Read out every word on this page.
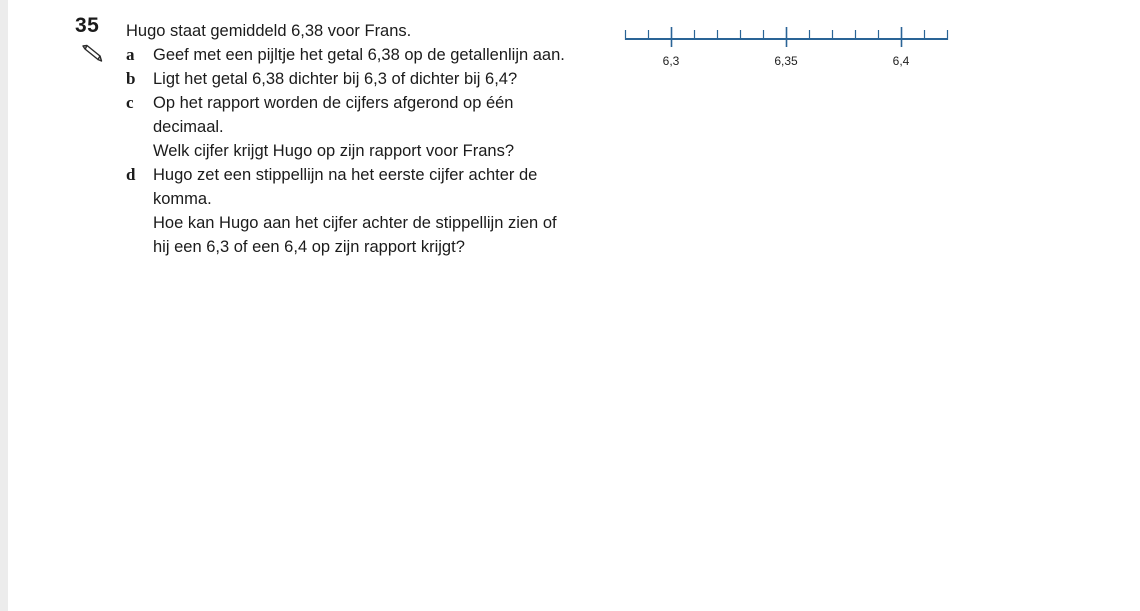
35 Hugo staat gemiddeld 6,38 voor Frans.

a Geef met een pijltje het getal 6,38 op de getallenlijn aan.

b Ligt het getal 6,38 dichter bij 6,3 of dichter bij 6,4?

c Op het rapport worden de cijfers afgerond op één

decimaal.

Welk cijfer krijgt Hugo op zijn rapport voor Frans?

d Hugo zet een stippellijn na het eerste cijfer achter de

komma.

Hoe kan Hugo aan het cijfer achter de stippellijn zien of

hij een 6,3 of een 6,4 op zijn rapport krijgt?

6,3	6,35	6,4
